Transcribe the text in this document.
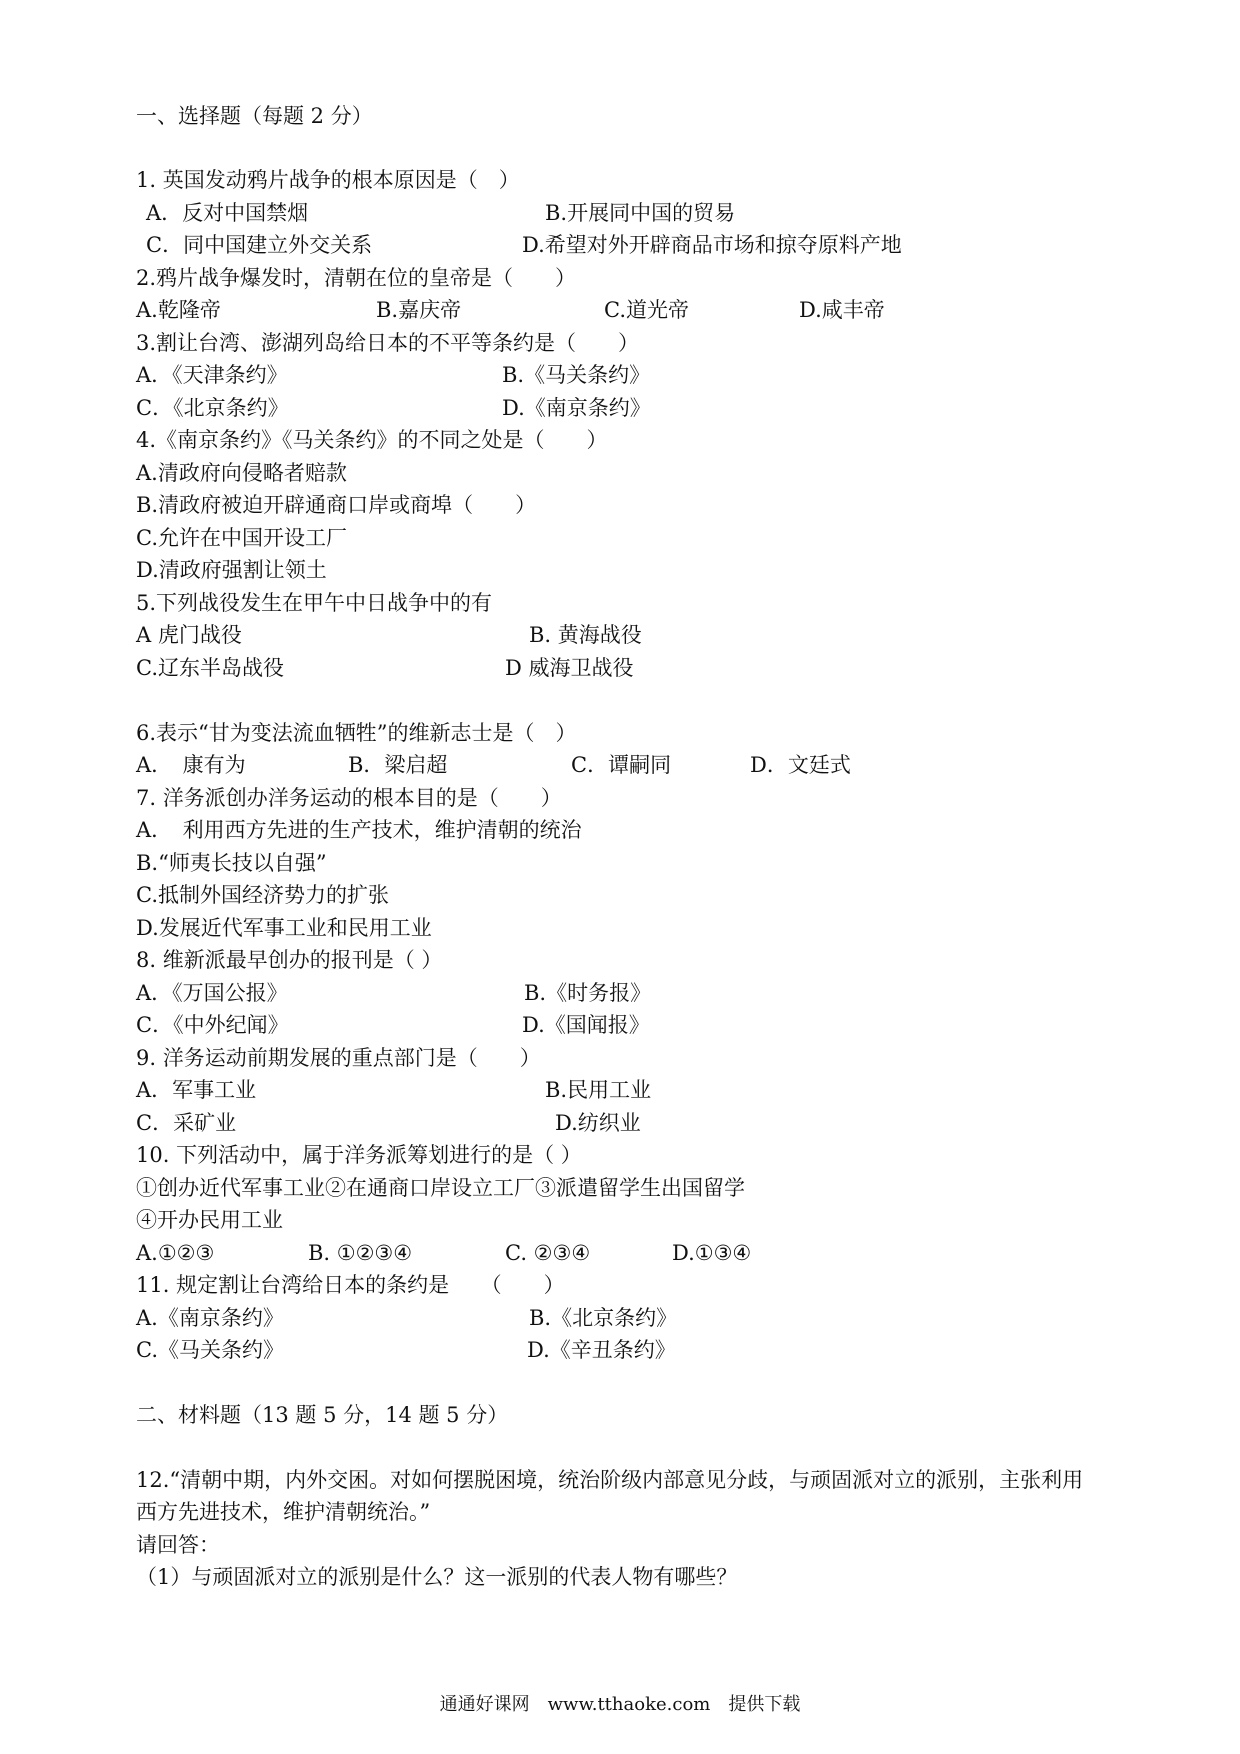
一、选择题（每题 2 分）
1. 英国发动鸦片战争的根本原因是（　）
A．反对中国禁烟	B.开展同中国的贸易
C．同中国建立外交关系	D.希望对外开辟商品市场和掠夺原料产地
2.鸦片战争爆发时，清朝在位的皇帝是（　　）
A.乾隆帝	B.嘉庆帝	C.道光帝	D.咸丰帝
3.割让台湾、澎湖列岛给日本的不平等条约是（　　）
A．《天津条约》	B.《马关条约》
C．《北京条约》	D.《南京条约》
4.《南京条约》《马关条约》的不同之处是（　　）
A.清政府向侵略者赔款
B.清政府被迫开辟通商口岸或商埠（　　）
C.允许在中国开设工厂
D.清政府强割让领土
5.下列战役发生在甲午中日战争中的有
A 虎门战役	B. 黄海战役
C.辽东半岛战役	D 威海卫战役
6.表示“甘为变法流血牺牲”的维新志士是（　）
A．　康有为	B．梁启超	C．谭嗣同	D．文廷式
7. 洋务派创办洋务运动的根本目的是（　　）
A．　利用西方先进的生产技术，维护清朝的统治
B.“师夷长技以自强”
C.抵制外国经济势力的扩张
D.发展近代军事工业和民用工业
8. 维新派最早创办的报刊是（ ）
A．《万国公报》	B.《时务报》
C．《中外纪闻》	D.《国闻报》
9. 洋务运动前期发展的重点部门是（　　）
A．军事工业	B.民用工业
C．采矿业	D.纺织业
10. 下列活动中，属于洋务派筹划进行的是（ ）
①创办近代军事工业②在通商口岸设立工厂③派遣留学生出国留学
④开办民用工业
A.①②③	B. ①②③④	C. ②③④	D.①③④
11. 规定割让台湾给日本的条约是　　（　　）
A.《南京条约》	B.《北京条约》
C.《马关条约》	D.《辛丑条约》
二、材料题（13 题 5 分，14 题 5 分）
12.“清朝中期，内外交困。对如何摆脱困境，统治阶级内部意见分歧，与顽固派对立的派别，主张利用
西方先进技术，维护清朝统治。”
请回答：
（1）与顽固派对立的派别是什么？这一派别的代表人物有哪些？
通通好课网　www.tthaoke.com　提供下载
